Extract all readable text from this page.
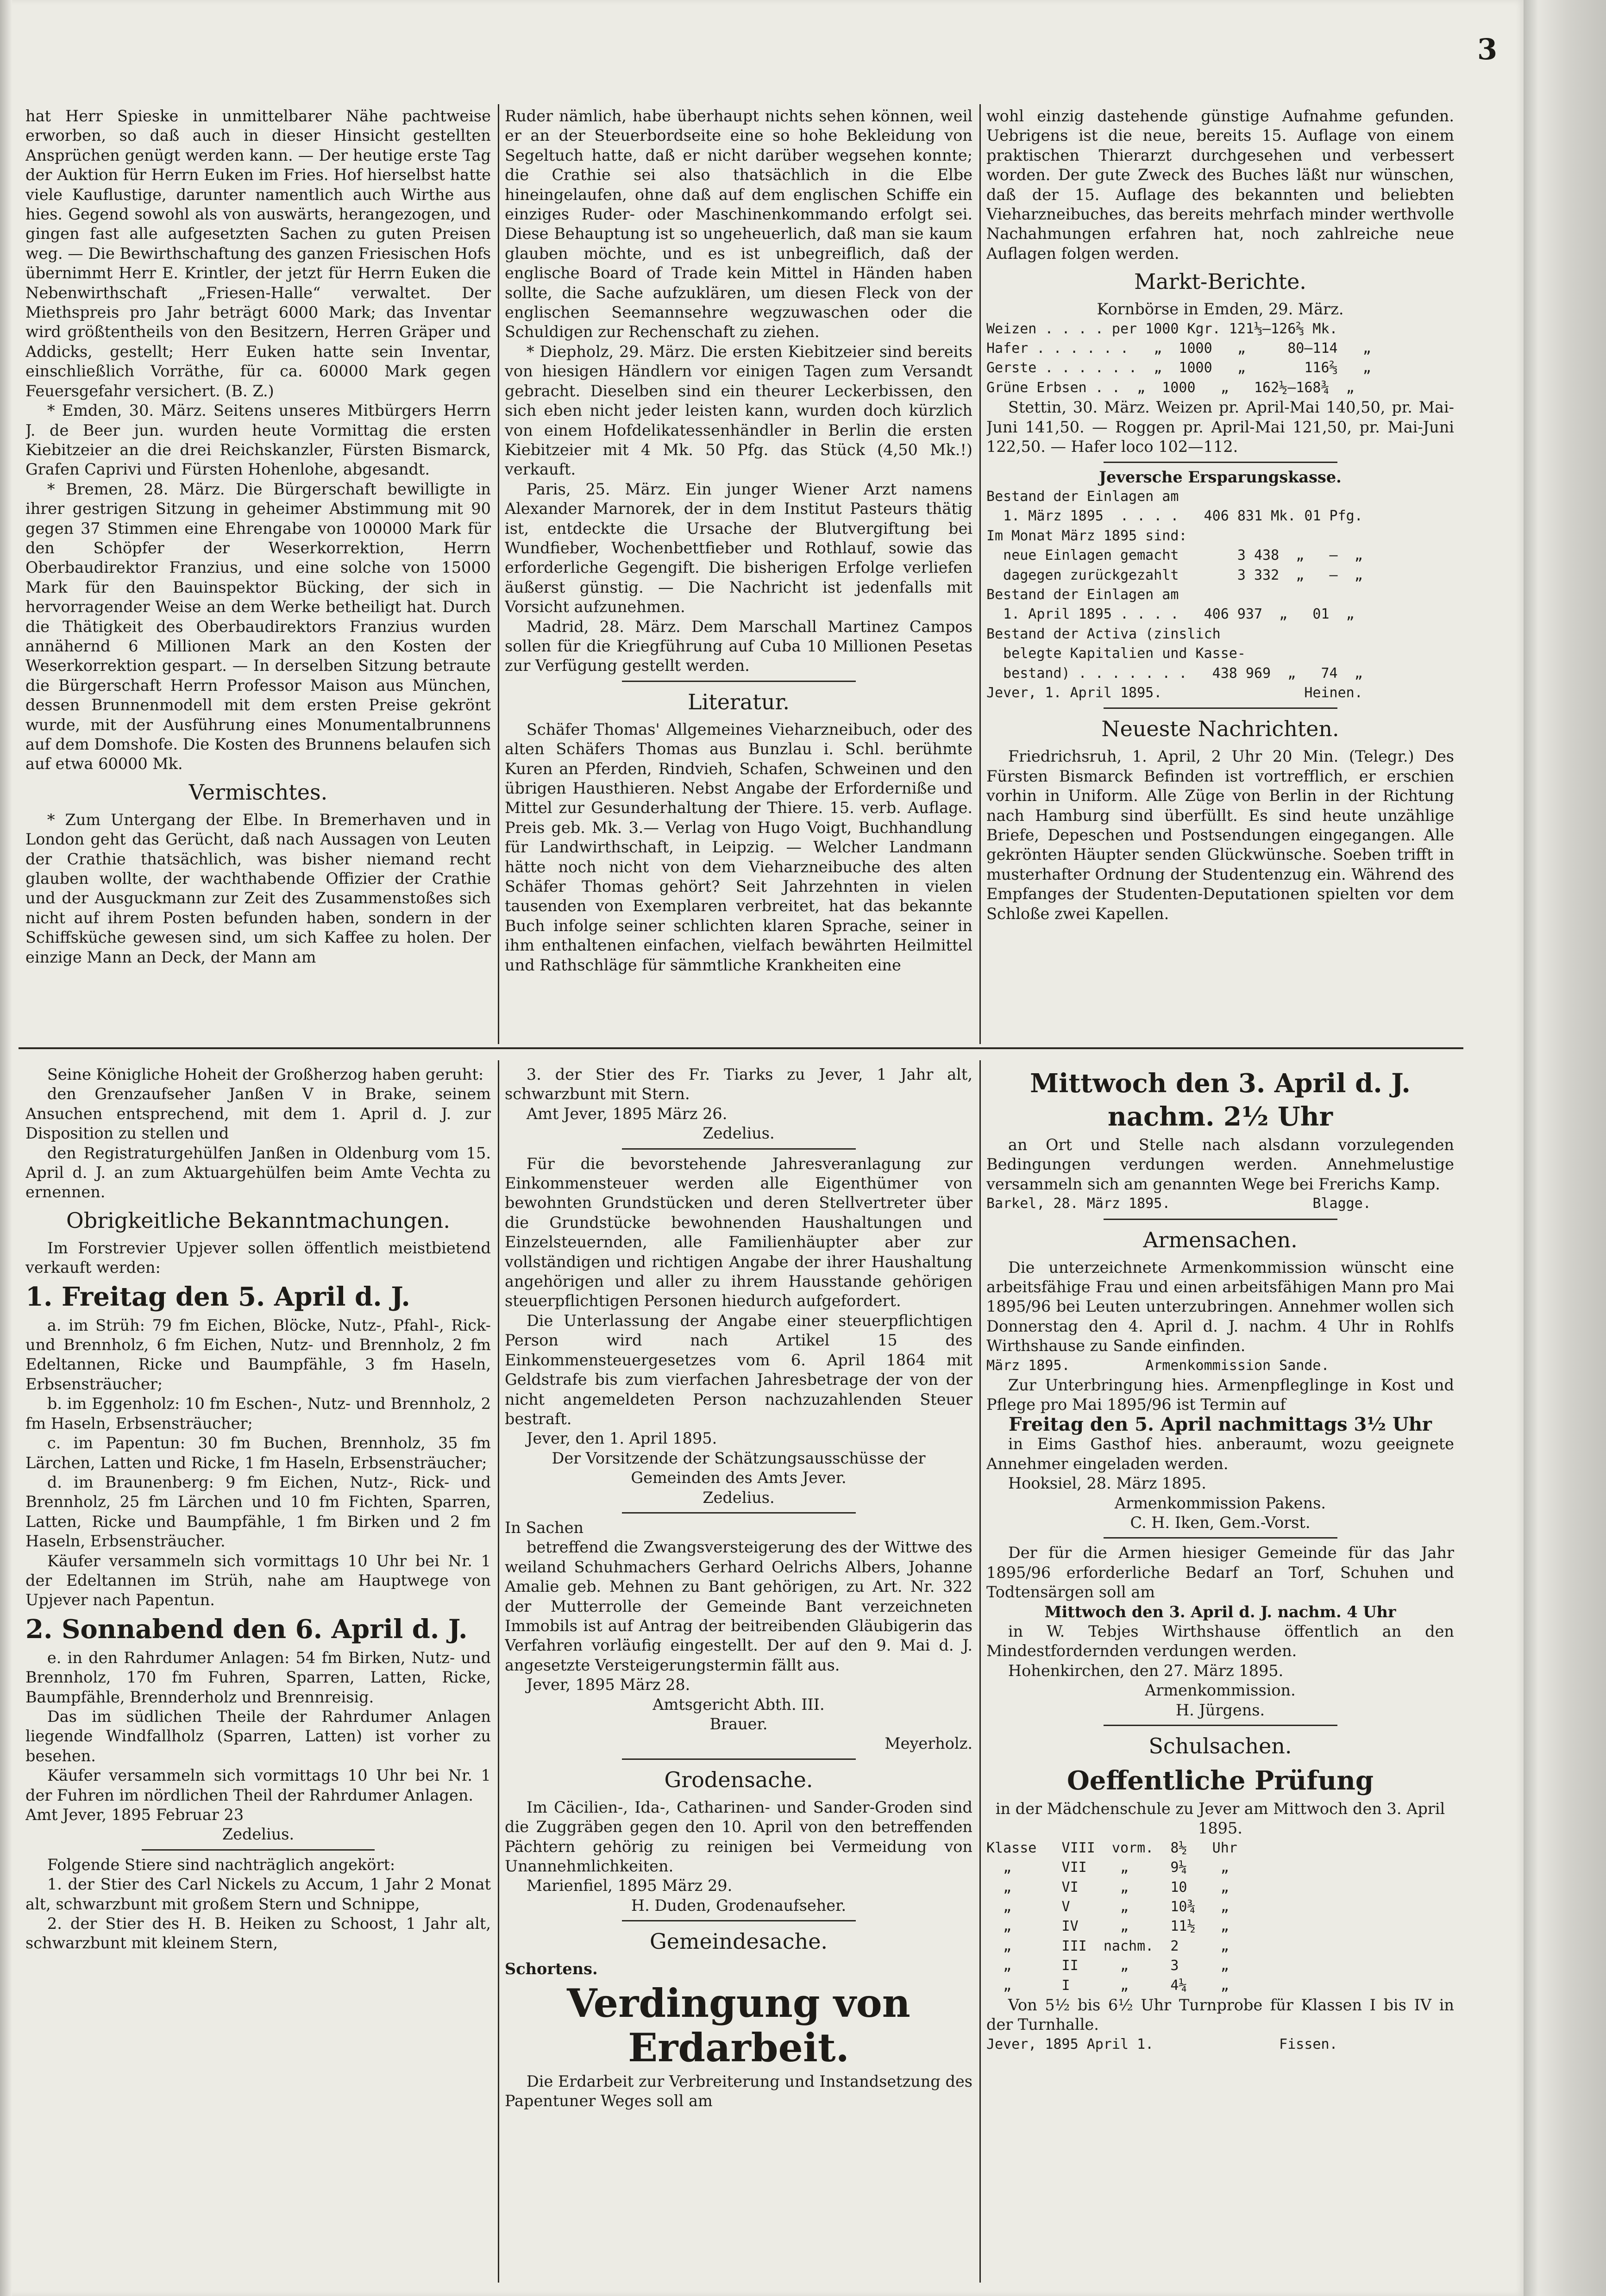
3

hat Herr Spieske in unmittelbarer Nähe pachtweise erworben, so daß auch in dieser Hinsicht gestellten Ansprüchen genügt werden kann. — Der heutige erste Tag der Auktion für Herrn Euken im Fries. Hof hierselbst hatte viele Kauflustige, darunter namentlich auch Wirthe aus hies. Gegend sowohl als von auswärts, herangezogen, und gingen fast alle aufgesetzten Sachen zu guten Preisen weg. — Die Bewirthschaftung des ganzen Friesischen Hofs übernimmt Herr E. Krintler, der jetzt für Herrn Euken die Nebenwirthschaft „Friesen-Halle“ verwaltet. Der Miethspreis pro Jahr beträgt 6000 Mark; das Inventar wird größtentheils von den Besitzern, Herren Gräper und Addicks, gestellt; Herr Euken hatte sein Inventar, einschließlich Vorräthe, für ca. 60000 Mark gegen Feuersgefahr versichert. (B. Z.)

* Emden, 30. März. Seitens unseres Mitbürgers Herrn J. de Beer jun. wurden heute Vormittag die ersten Kiebitzeier an die drei Reichskanzler, Fürsten Bismarck, Grafen Caprivi und Fürsten Hohenlohe, abgesandt.

* Bremen, 28. März. Die Bürgerschaft bewilligte in ihrer gestrigen Sitzung in geheimer Abstimmung mit 90 gegen 37 Stimmen eine Ehrengabe von 100000 Mark für den Schöpfer der Weserkorrektion, Herrn Oberbaudirektor Franzius, und eine solche von 15000 Mark für den Bauinspektor Bücking, der sich in hervorragender Weise an dem Werke betheiligt hat. Durch die Thätigkeit des Oberbaudirektors Franzius wurden annähernd 6 Millionen Mark an den Kosten der Weserkorrektion gespart. — In derselben Sitzung betraute die Bürgerschaft Herrn Professor Maison aus München, dessen Brunnenmodell mit dem ersten Preise gekrönt wurde, mit der Ausführung eines Monumentalbrunnens auf dem Domshofe. Die Kosten des Brunnens belaufen sich auf etwa 60000 Mk.

Vermischtes.

* Zum Untergang der Elbe. In Bremerhaven und in London geht das Gerücht, daß nach Aussagen von Leuten der Crathie thatsächlich, was bisher niemand recht glauben wollte, der wachthabende Offizier der Crathie und der Ausguckmann zur Zeit des Zusammenstoßes sich nicht auf ihrem Posten befunden haben, sondern in der Schiffsküche gewesen sind, um sich Kaffee zu holen. Der einzige Mann an Deck, der Mann am

Ruder nämlich, habe überhaupt nichts sehen können, weil er an der Steuerbordseite eine so hohe Bekleidung von Segeltuch hatte, daß er nicht darüber wegsehen konnte; die Crathie sei also thatsächlich in die Elbe hineingelaufen, ohne daß auf dem englischen Schiffe ein einziges Ruder- oder Maschinenkommando erfolgt sei. Diese Behauptung ist so ungeheuerlich, daß man sie kaum glauben möchte, und es ist unbegreiflich, daß der englische Board of Trade kein Mittel in Händen haben sollte, die Sache aufzuklären, um diesen Fleck von der englischen Seemannsehre wegzuwaschen oder die Schuldigen zur Rechenschaft zu ziehen.

* Diepholz, 29. März. Die ersten Kiebitzeier sind bereits von hiesigen Händlern vor einigen Tagen zum Versandt gebracht. Dieselben sind ein theurer Leckerbissen, den sich eben nicht jeder leisten kann, wurden doch kürzlich von einem Hofdelikatessenhändler in Berlin die ersten Kiebitzeier mit 4 Mk. 50 Pfg. das Stück (4,50 Mk.!) verkauft.

Paris, 25. März. Ein junger Wiener Arzt namens Alexander Marnorek, der in dem Institut Pasteurs thätig ist, entdeckte die Ursache der Blutvergiftung bei Wundfieber, Wochenbettfieber und Rothlauf, sowie das erforderliche Gegengift. Die bisherigen Erfolge verliefen äußerst günstig. — Die Nachricht ist jedenfalls mit Vorsicht aufzunehmen.

Madrid, 28. März. Dem Marschall Martinez Campos sollen für die Kriegführung auf Cuba 10 Millionen Pesetas zur Verfügung gestellt werden.

Literatur.

Schäfer Thomas' Allgemeines Vieharzneibuch, oder des alten Schäfers Thomas aus Bunzlau i. Schl. berühmte Kuren an Pferden, Rindvieh, Schafen, Schweinen und den übrigen Hausthieren. Nebst Angabe der Erforderniße und Mittel zur Gesunderhaltung der Thiere. 15. verb. Auflage. Preis geb. Mk. 3.— Verlag von Hugo Voigt, Buchhandlung für Landwirthschaft, in Leipzig. — Welcher Landmann hätte noch nicht von dem Vieharzneibuche des alten Schäfer Thomas gehört? Seit Jahrzehnten in vielen tausenden von Exemplaren verbreitet, hat das bekannte Buch infolge seiner schlichten klaren Sprache, seiner in ihm enthaltenen einfachen, vielfach bewährten Heilmittel und Rathschläge für sämmtliche Krankheiten eine

wohl einzig dastehende günstige Aufnahme gefunden. Uebrigens ist die neue, bereits 15. Auflage von einem praktischen Thierarzt durchgesehen und verbessert worden. Der gute Zweck des Buches läßt nur wünschen, daß der 15. Auflage des bekannten und beliebten Vieharzneibuches, das bereits mehrfach minder werthvolle Nachahmungen erfahren hat, noch zahlreiche neue Auflagen folgen werden.

Markt-Berichte.

Kornbörse in Emden, 29. März.

Weizen . . . . per 1000 Kgr. 121⅓—126⅔ Mk.

Hafer . . . . . .   „  1000   „     80—114   „

Gerste . . . . . .  „  1000   „       116⅔   „

Grüne Erbsen . .  „  1000   „   162½—168¾  „

Stettin, 30. März. Weizen pr. April-Mai 140,50, pr. Mai-Juni 141,50. — Roggen pr. April-Mai 121,50, pr. Mai-Juni 122,50. — Hafer loco 102—112.

Jeversche Ersparungskasse.

Bestand der Einlagen am

1. März 1895  . . . .   406 831 Mk. 01 Pfg.

Im Monat März 1895 sind:

neue Einlagen gemacht       3 438  „   —  „

dagegen zurückgezahlt       3 332  „   —  „

Bestand der Einlagen am

1. April 1895 . . . .   406 937  „   01  „

Bestand der Activa (zinslich

belegte Kapitalien und Kasse-

bestand) . . . . . . .   438 969  „   74  „

Jever, 1. April 1895.                 Heinen.

Neueste Nachrichten.

Friedrichsruh, 1. April, 2 Uhr 20 Min. (Telegr.) Des Fürsten Bismarck Befinden ist vortrefflich, er erschien vorhin in Uniform. Alle Züge von Berlin in der Richtung nach Hamburg sind überfüllt. Es sind heute unzählige Briefe, Depeschen und Postsendungen eingegangen. Alle gekrönten Häupter senden Glückwünsche. Soeben trifft in musterhafter Ordnung der Studentenzug ein. Während des Empfanges der Studenten-Deputationen spielten vor dem Schloße zwei Kapellen.

Seine Königliche Hoheit der Großherzog haben geruht:

den Grenzaufseher Janßen V in Brake, seinem Ansuchen entsprechend, mit dem 1. April d. J. zur Disposition zu stellen und

den Registraturgehülfen Janßen in Oldenburg vom 15. April d. J. an zum Aktuargehülfen beim Amte Vechta zu ernennen.

Obrigkeitliche Bekanntmachungen.

Im Forstrevier Upjever sollen öffentlich meistbietend verkauft werden:

1. Freitag den 5. April d. J.

a. im Strüh: 79 fm Eichen, Blöcke, Nutz-, Pfahl-, Rick- und Brennholz, 6 fm Eichen, Nutz- und Brennholz, 2 fm Edeltannen, Ricke und Baumpfähle, 3 fm Haseln, Erbsensträucher;

b. im Eggenholz: 10 fm Eschen-, Nutz- und Brennholz, 2 fm Haseln, Erbsensträucher;

c. im Papentun: 30 fm Buchen, Brennholz, 35 fm Lärchen, Latten und Ricke, 1 fm Haseln, Erbsensträucher;

d. im Braunenberg: 9 fm Eichen, Nutz-, Rick- und Brennholz, 25 fm Lärchen und 10 fm Fichten, Sparren, Latten, Ricke und Baumpfähle, 1 fm Birken und 2 fm Haseln, Erbsensträucher.

Käufer versammeln sich vormittags 10 Uhr bei Nr. 1 der Edeltannen im Strüh, nahe am Hauptwege von Upjever nach Papentun.

2. Sonnabend den 6. April d. J.

e. in den Rahrdumer Anlagen: 54 fm Birken, Nutz- und Brennholz, 170 fm Fuhren, Sparren, Latten, Ricke, Baumpfähle, Brennderholz und Brennreisig.

Das im südlichen Theile der Rahrdumer Anlagen liegende Windfallholz (Sparren, Latten) ist vorher zu besehen.

Käufer versammeln sich vormittags 10 Uhr bei Nr. 1 der Fuhren im nördlichen Theil der Rahrdumer Anlagen.

Amt Jever, 1895 Februar 23

Zedelius.

Folgende Stiere sind nachträglich angekört:

1. der Stier des Carl Nickels zu Accum, 1 Jahr 2 Monat alt, schwarzbunt mit großem Stern und Schnippe,

2. der Stier des H. B. Heiken zu Schoost, 1 Jahr alt, schwarzbunt mit kleinem Stern,

3. der Stier des Fr. Tiarks zu Jever, 1 Jahr alt, schwarzbunt mit Stern.

Amt Jever, 1895 März 26.

Zedelius.

Für die bevorstehende Jahresveranlagung zur Einkommensteuer werden alle Eigenthümer von bewohnten Grundstücken und deren Stellvertreter über die Grundstücke bewohnenden Haushaltungen und Einzelsteuernden, alle Familienhäupter aber zur vollständigen und richtigen Angabe der ihrer Haushaltung angehörigen und aller zu ihrem Hausstande gehörigen steuerpflichtigen Personen hiedurch aufgefordert.

Die Unterlassung der Angabe einer steuerpflichtigen Person wird nach Artikel 15 des Einkommensteuergesetzes vom 6. April 1864 mit Geldstrafe bis zum vierfachen Jahresbetrage der von der nicht angemeldeten Person nachzuzahlenden Steuer bestraft.

Jever, den 1. April 1895.

Der Vorsitzende der Schätzungsausschüsse der Gemeinden des Amts Jever.

Zedelius.

In Sachen

betreffend die Zwangsversteigerung des der Wittwe des weiland Schuhmachers Gerhard Oelrichs Albers, Johanne Amalie geb. Mehnen zu Bant gehörigen, zu Art. Nr. 322 der Mutterrolle der Gemeinde Bant verzeichneten Immobils ist auf Antrag der beitreibenden Gläubigerin das Verfahren vorläufig eingestellt. Der auf den 9. Mai d. J. angesetzte Versteigerungstermin fällt aus.

Jever, 1895 März 28.

Amtsgericht Abth. III.

Brauer.

Meyerholz.

Grodensache.

Im Cäcilien-, Ida-, Catharinen- und Sander-Groden sind die Zuggräben gegen den 10. April von den betreffenden Pächtern gehörig zu reinigen bei Vermeidung von Unannehmlichkeiten.

Marienfiel, 1895 März 29.

H. Duden, Grodenaufseher.

Gemeindesache.

Schortens.

Verdingung von Erdarbeit.

Die Erdarbeit zur Verbreiterung und Instandsetzung des Papentuner Weges soll am

Mittwoch den 3. April d. J. nachm. 2½ Uhr

an Ort und Stelle nach alsdann vorzulegenden Bedingungen verdungen werden. Annehmelustige versammeln sich am genannten Wege bei Frerichs Kamp.

Barkel, 28. März 1895.                 Blagge.

Armensachen.

Die unterzeichnete Armenkommission wünscht eine arbeitsfähige Frau und einen arbeitsfähigen Mann pro Mai 1895/96 bei Leuten unterzubringen. Annehmer wollen sich Donnerstag den 4. April d. J. nachm. 4 Uhr in Rohlfs Wirthshause zu Sande einfinden.

März 1895.         Armenkommission Sande.

Zur Unterbringung hies. Armenpfleglinge in Kost und Pflege pro Mai 1895/96 ist Termin auf

Freitag den 5. April nachmittags 3½ Uhr

in Eims Gasthof hies. anberaumt, wozu geeignete Annehmer eingeladen werden.

Hooksiel, 28. März 1895.

Armenkommission Pakens.

C. H. Iken, Gem.-Vorst.

Der für die Armen hiesiger Gemeinde für das Jahr 1895/96 erforderliche Bedarf an Torf, Schuhen und Todtensärgen soll am

Mittwoch den 3. April d. J. nachm. 4 Uhr

in W. Tebjes Wirthshause öffentlich an den Mindestfordernden verdungen werden.

Hohenkirchen, den 27. März 1895.

Armenkommission.

H. Jürgens.

Schulsachen.
Oeffentliche Prüfung

in der Mädchenschule zu Jever am Mittwoch den 3. April 1895.

Klasse   VIII  vorm.  8½   Uhr

„      VII    „     9¼    „

„      VI     „     10    „

„      V      „     10¾   „

„      IV     „     11½   „

„      III  nachm.  2     „

„      II     „     3     „

„      I      „     4¼    „

Von 5½ bis 6½ Uhr Turnprobe für Klassen I bis IV in der Turnhalle.

Jever, 1895 April 1.               Fissen.
